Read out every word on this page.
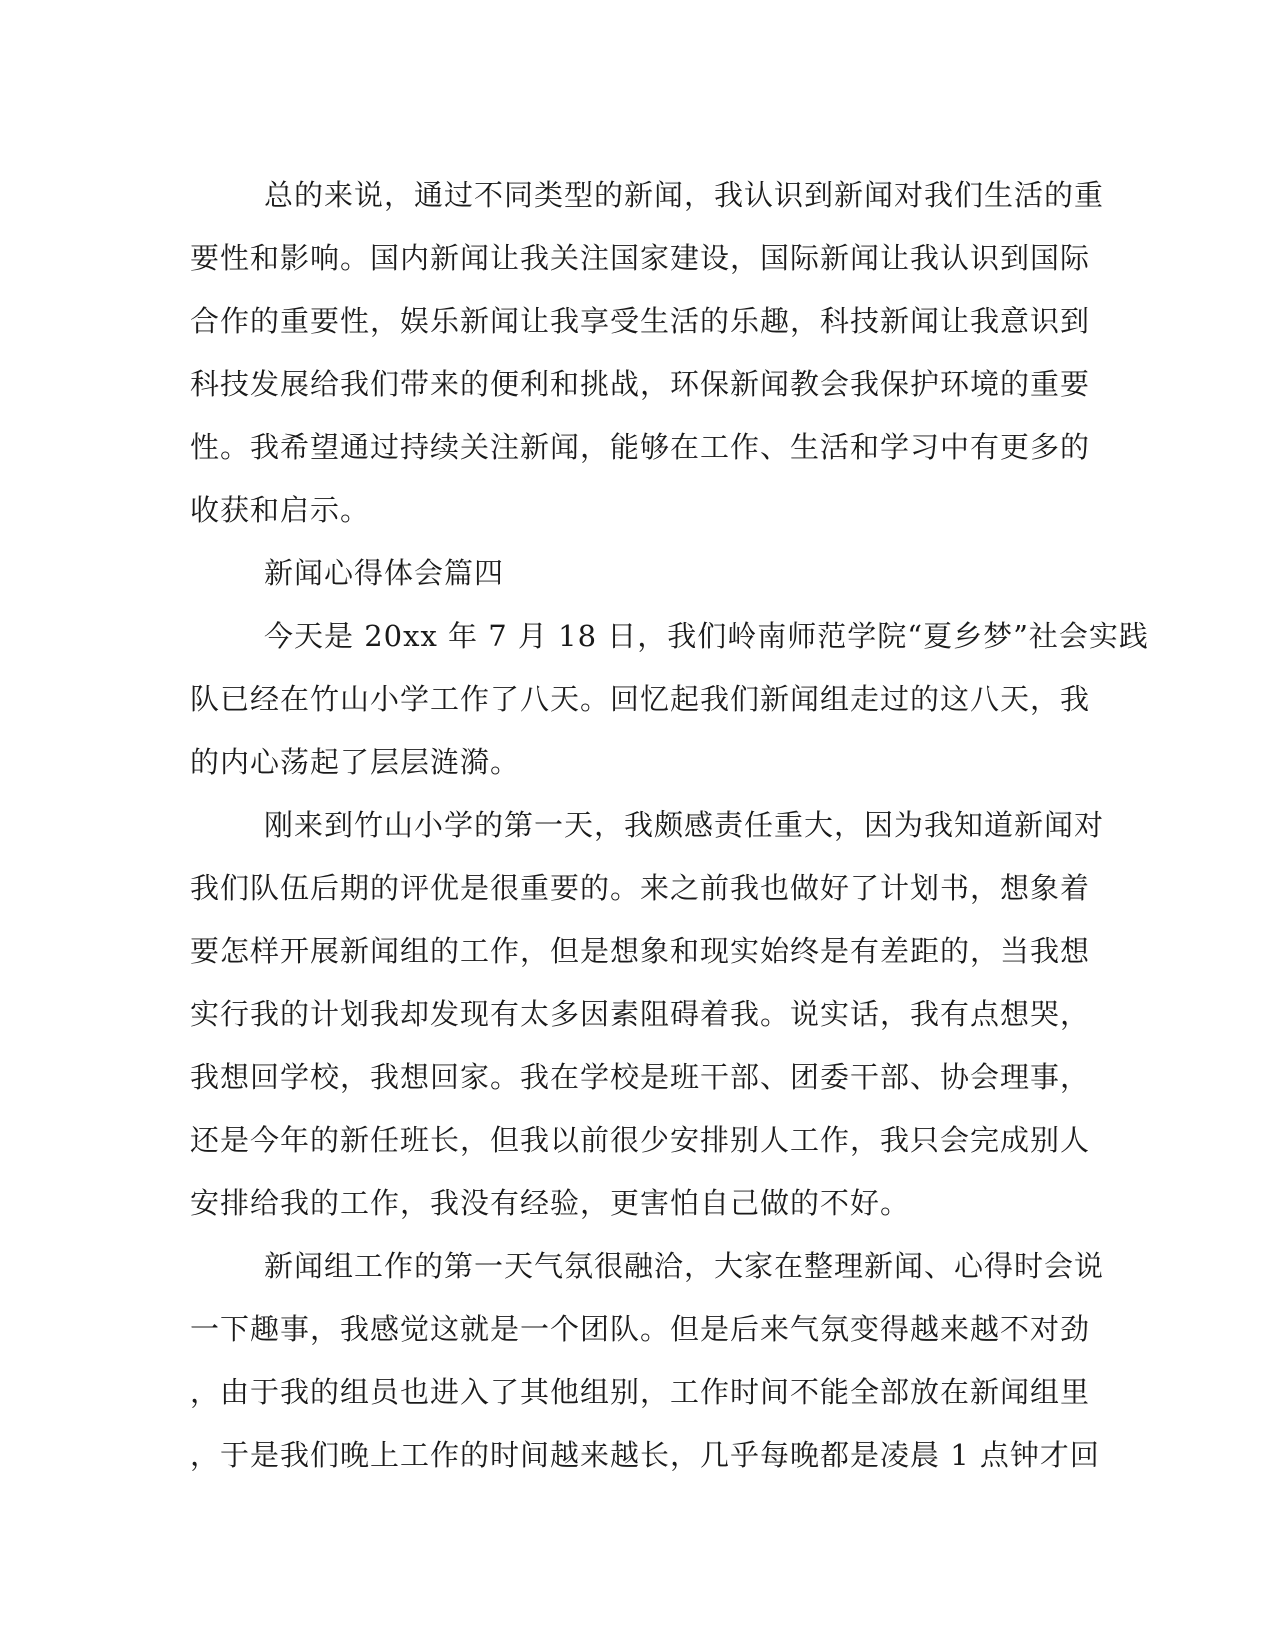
总的来说，通过不同类型的新闻，我认识到新闻对我们生活的重
要性和影响。国内新闻让我关注国家建设，国际新闻让我认识到国际
合作的重要性，娱乐新闻让我享受生活的乐趣，科技新闻让我意识到
科技发展给我们带来的便利和挑战，环保新闻教会我保护环境的重要
性。我希望通过持续关注新闻，能够在工作、生活和学习中有更多的
收获和启示。
新闻心得体会篇四
今天是 20xx 年 7 月 18 日，我们岭南师范学院“夏乡梦”社会实践
队已经在竹山小学工作了八天。回忆起我们新闻组走过的这八天，我
的内心荡起了层层涟漪。
刚来到竹山小学的第一天，我颇感责任重大，因为我知道新闻对
我们队伍后期的评优是很重要的。来之前我也做好了计划书，想象着
要怎样开展新闻组的工作，但是想象和现实始终是有差距的，当我想
实行我的计划我却发现有太多因素阻碍着我。说实话，我有点想哭，
我想回学校，我想回家。我在学校是班干部、团委干部、协会理事，
还是今年的新任班长，但我以前很少安排别人工作，我只会完成别人
安排给我的工作，我没有经验，更害怕自己做的不好。
新闻组工作的第一天气氛很融洽，大家在整理新闻、心得时会说
一下趣事，我感觉这就是一个团队。但是后来气氛变得越来越不对劲
，由于我的组员也进入了其他组别，工作时间不能全部放在新闻组里
，于是我们晚上工作的时间越来越长，几乎每晚都是凌晨 1 点钟才回
